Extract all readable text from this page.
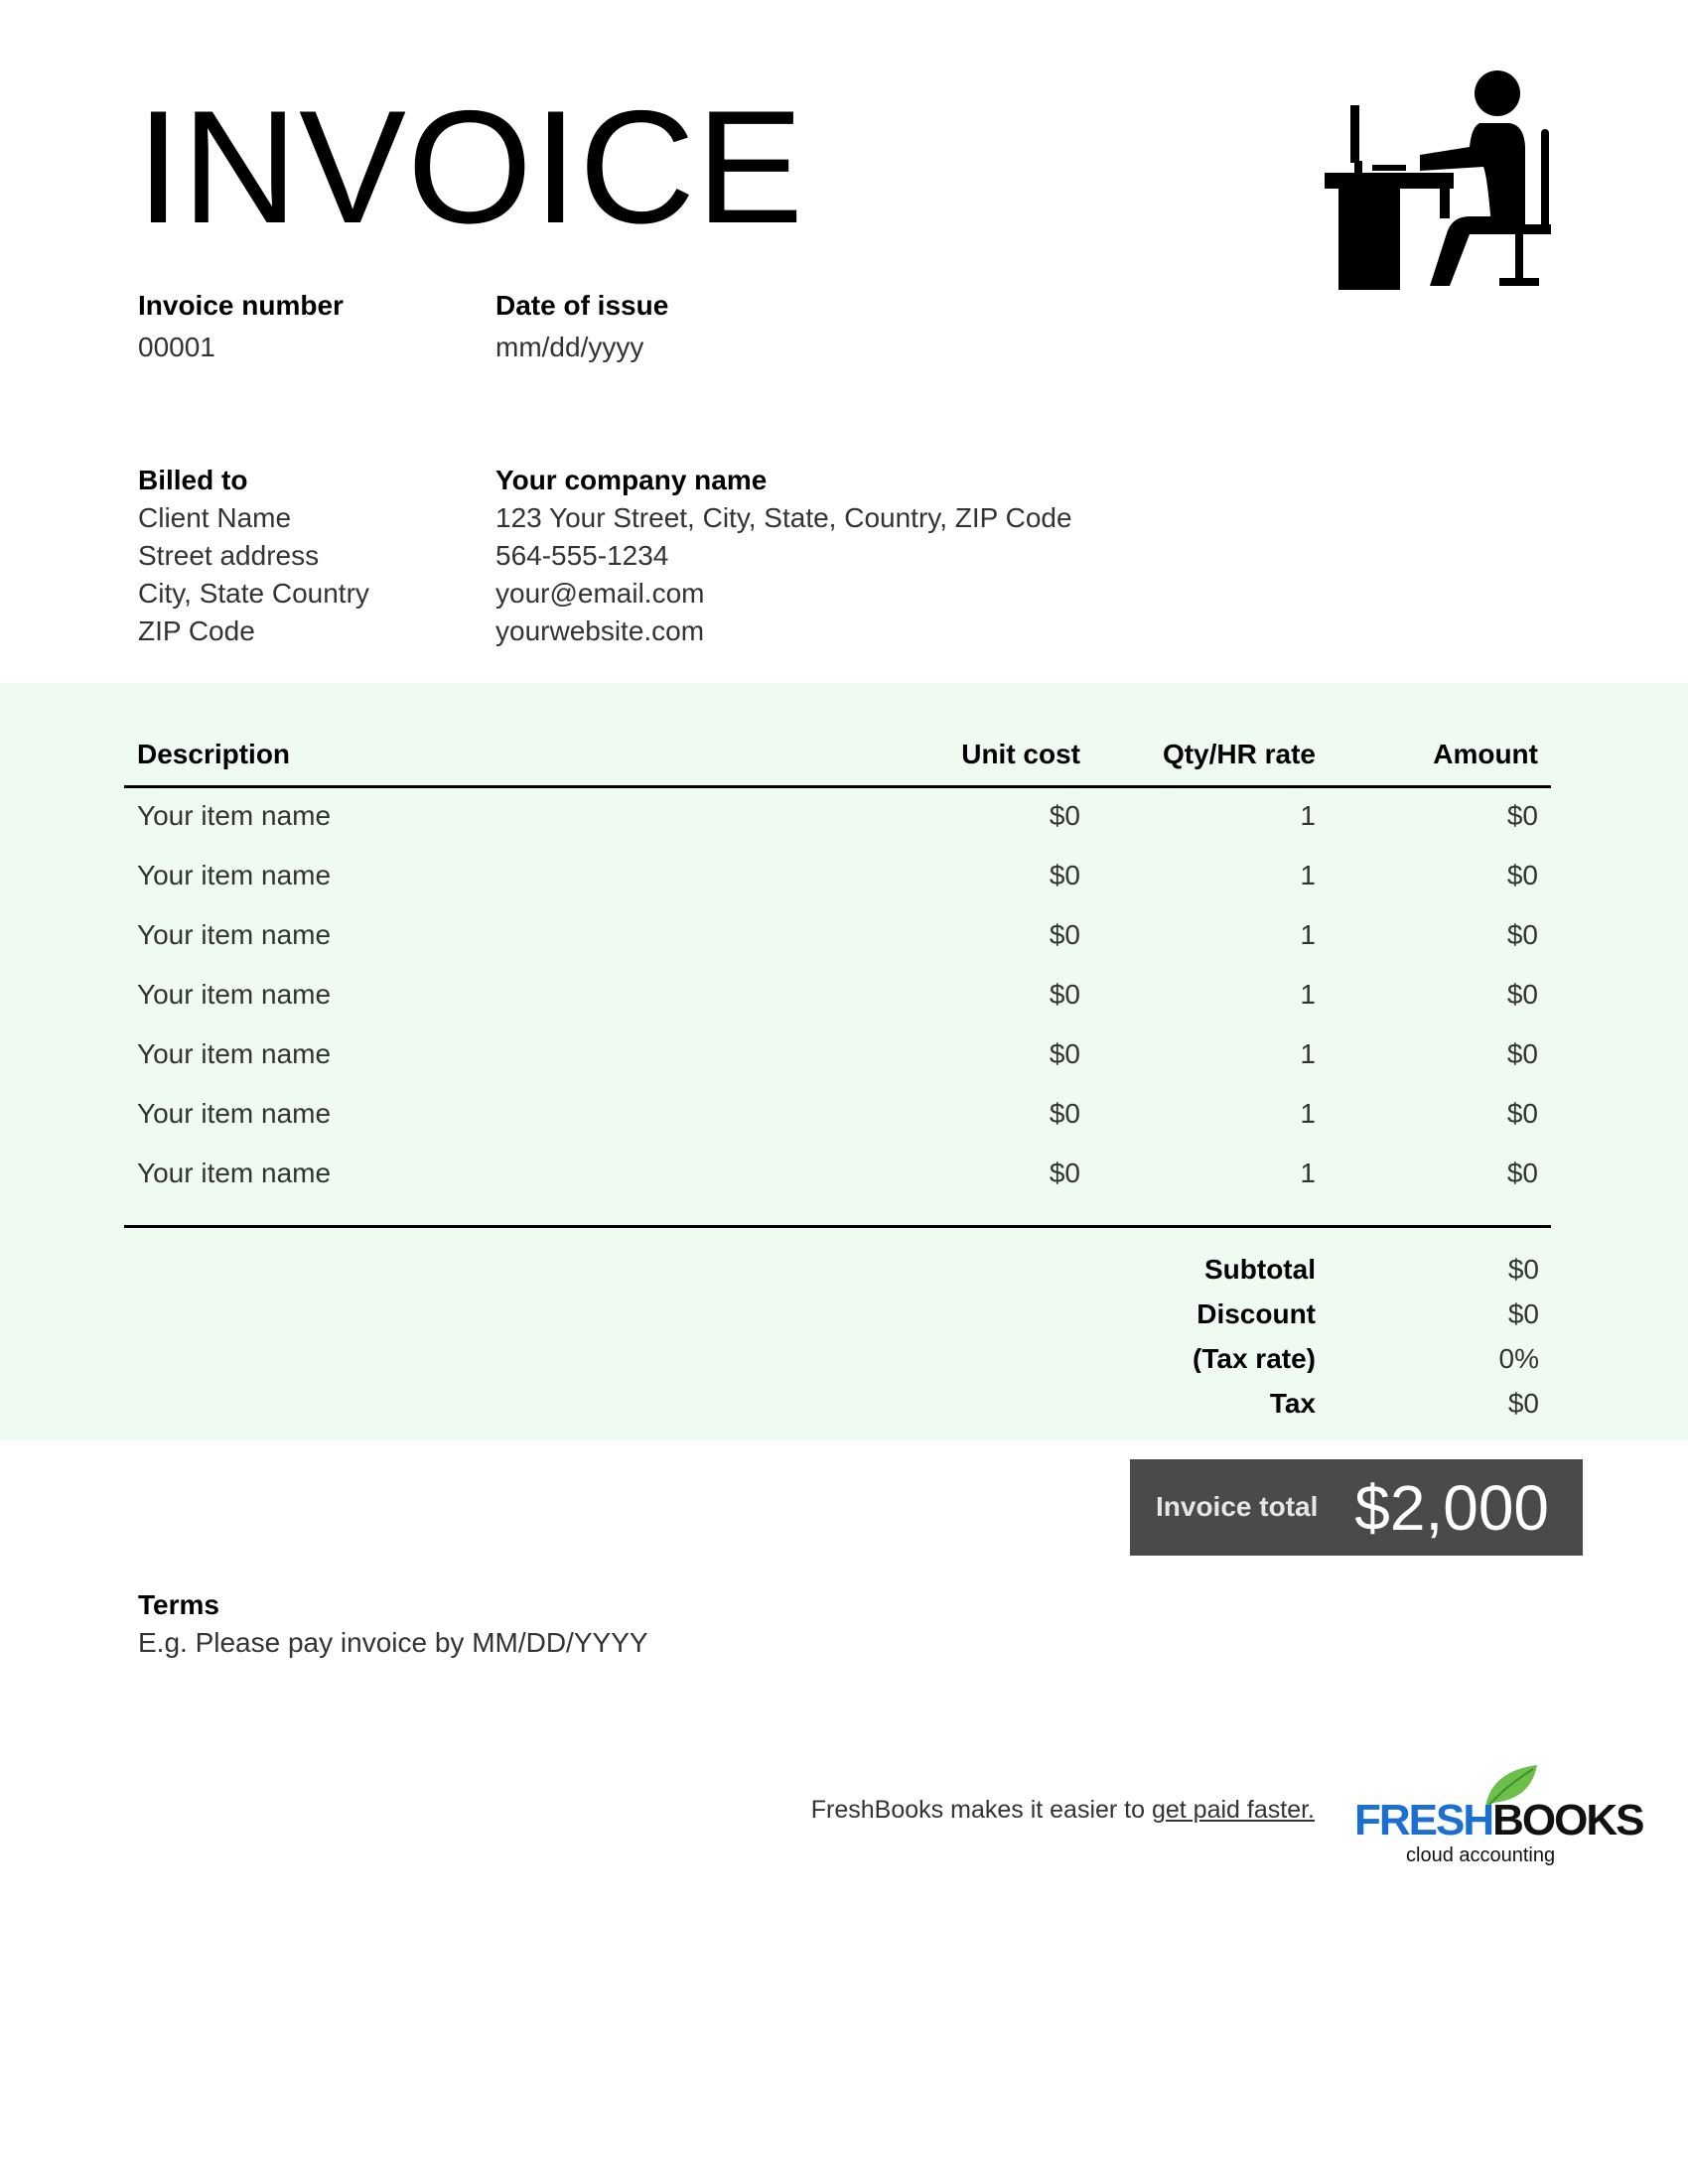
INVOICE
Invoice number
00001
Date of issue
mm/dd/yyyy
Billed to
Client Name
Street address
City, State Country
ZIP Code
Your company name
123 Your Street, City, State, Country, ZIP Code
564-555-1234
your@email.com
yourwebsite.com
Description	Unit cost	Qty/HR rate	Amount
Your item name	$0	1	$0
Your item name	$0	1	$0
Your item name	$0	1	$0
Your item name	$0	1	$0
Your item name	$0	1	$0
Your item name	$0	1	$0
Your item name	$0	1	$0
Subtotal	$0
Discount	$0
(Tax rate)	0%
Tax	$0
Invoice total $2,000
Terms
E.g. Please pay invoice by MM/DD/YYYY
FreshBooks makes it easier to get paid faster. FRESHBOOKS
cloud accounting
